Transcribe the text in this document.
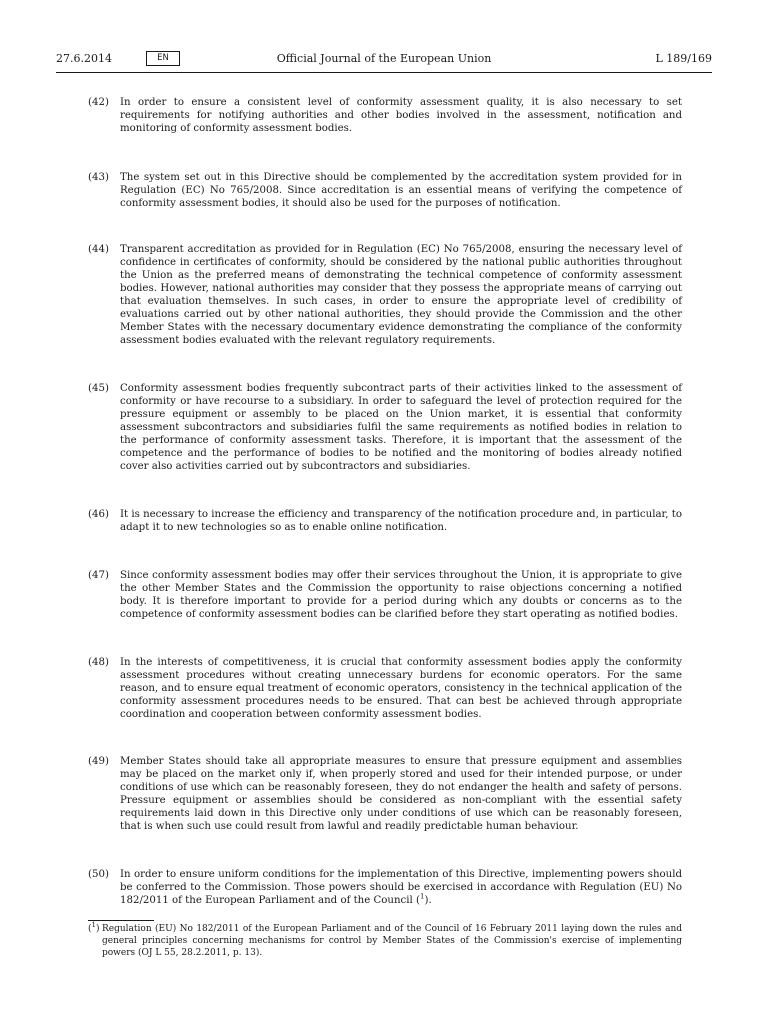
27.6.2014	EN	Official Journal of the European Union	L 189/169
(42) In order to ensure a consistent level of conformity assessment quality, it is also necessary to set requirements for notifying authorities and other bodies involved in the assessment, notification and monitoring of conformity assessment bodies.
(43) The system set out in this Directive should be complemented by the accreditation system provided for in Regulation (EC) No 765/2008. Since accreditation is an essential means of verifying the competence of conformity assessment bodies, it should also be used for the purposes of notification.
(44) Transparent accreditation as provided for in Regulation (EC) No 765/2008, ensuring the necessary level of confidence in certificates of conformity, should be considered by the national public authorities throughout the Union as the preferred means of demonstrating the technical competence of conformity assessment bodies. However, national authorities may consider that they possess the appropriate means of carrying out that evaluation themselves. In such cases, in order to ensure the appropriate level of credibility of evaluations carried out by other national authorities, they should provide the Commission and the other Member States with the necessary documentary evidence demonstrating the compliance of the conformity assessment bodies evaluated with the relevant regulatory requirements.
(45) Conformity assessment bodies frequently subcontract parts of their activities linked to the assessment of conformity or have recourse to a subsidiary. In order to safeguard the level of protection required for the pressure equipment or assembly to be placed on the Union market, it is essential that conformity assessment subcontractors and subsidiaries fulfil the same requirements as notified bodies in relation to the performance of conformity assessment tasks. Therefore, it is important that the assessment of the competence and the performance of bodies to be notified and the monitoring of bodies already notified cover also activities carried out by subcontractors and subsidiaries.
(46) It is necessary to increase the efficiency and transparency of the notification procedure and, in particular, to adapt it to new technologies so as to enable online notification.
(47) Since conformity assessment bodies may offer their services throughout the Union, it is appropriate to give the other Member States and the Commission the opportunity to raise objections concerning a notified body. It is therefore important to provide for a period during which any doubts or concerns as to the competence of conformity assessment bodies can be clarified before they start operating as notified bodies.
(48) In the interests of competitiveness, it is crucial that conformity assessment bodies apply the conformity assessment procedures without creating unnecessary burdens for economic operators. For the same reason, and to ensure equal treatment of economic operators, consistency in the technical application of the conformity assessment procedures needs to be ensured. That can best be achieved through appropriate coordination and cooperation between conformity assessment bodies.
(49) Member States should take all appropriate measures to ensure that pressure equipment and assemblies may be placed on the market only if, when properly stored and used for their intended purpose, or under conditions of use which can be reasonably foreseen, they do not endanger the health and safety of persons. Pressure equipment or assemblies should be considered as non-compliant with the essential safety requirements laid down in this Directive only under conditions of use which can be reasonably foreseen, that is when such use could result from lawful and readily predictable human behaviour.
(50) In order to ensure uniform conditions for the implementation of this Directive, implementing powers should be conferred to the Commission. Those powers should be exercised in accordance with Regulation (EU) No 182/2011 of the European Parliament and of the Council ($^1$).
($^1$) Regulation (EU) No 182/2011 of the European Parliament and of the Council of 16 February 2011 laying down the rules and general principles concerning mechanisms for control by Member States of the Commission's exercise of implementing powers (OJ L 55, 28.2.2011, p. 13).
